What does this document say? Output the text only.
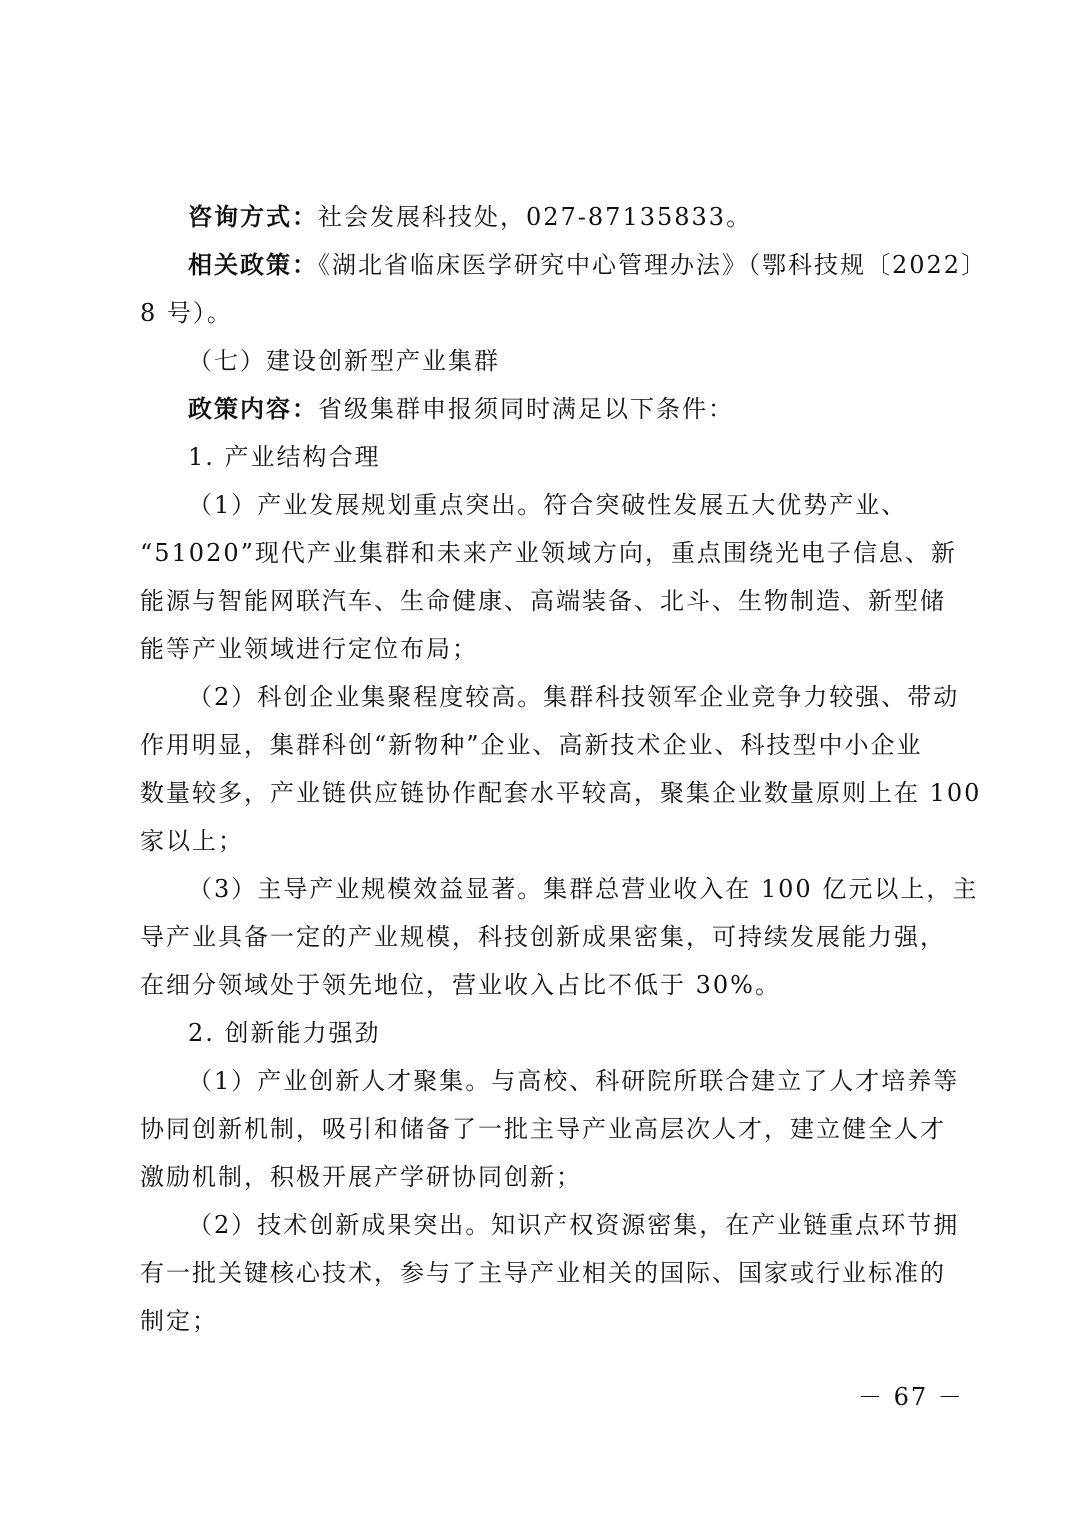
咨询方式：社会发展科技处，027-87135833。
相关政策：《湖北省临床医学研究中心管理办法》（鄂科技规〔2022〕
8 号）。
（七）建设创新型产业集群
政策内容：省级集群申报须同时满足以下条件：
1. 产业结构合理
（1）产业发展规划重点突出。符合突破性发展五大优势产业、
“51020”现代产业集群和未来产业领域方向，重点围绕光电子信息、新
能源与智能网联汽车、生命健康、高端装备、北斗、生物制造、新型储
能等产业领域进行定位布局；
（2）科创企业集聚程度较高。集群科技领军企业竞争力较强、带动
作用明显，集群科创“新物种”企业、高新技术企业、科技型中小企业
数量较多，产业链供应链协作配套水平较高，聚集企业数量原则上在 100
家以上；
（3）主导产业规模效益显著。集群总营业收入在 100 亿元以上，主
导产业具备一定的产业规模，科技创新成果密集，可持续发展能力强，
在细分领域处于领先地位，营业收入占比不低于 30%。
2. 创新能力强劲
（1）产业创新人才聚集。与高校、科研院所联合建立了人才培养等
协同创新机制，吸引和储备了一批主导产业高层次人才，建立健全人才
激励机制，积极开展产学研协同创新；
（2）技术创新成果突出。知识产权资源密集，在产业链重点环节拥
有一批关键核心技术，参与了主导产业相关的国际、国家或行业标准的
制定；
－ 67 －
